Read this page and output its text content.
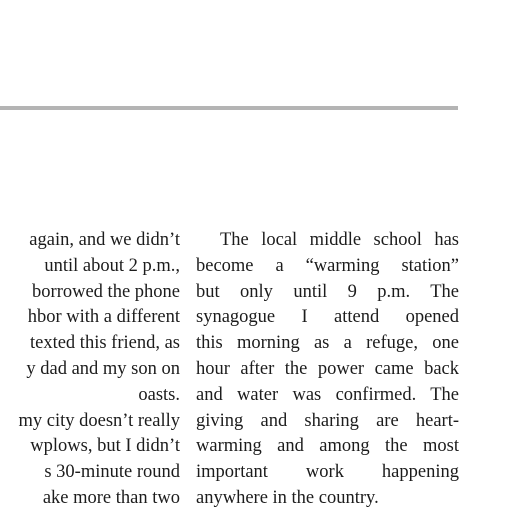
again, and we didn’t
until about 2 p.m.,
borrowed the phone
hbor with a different
texted this friend, as
y dad and my son on
oasts.
my city doesn’t really
wplows, but I didn’t
s 30-minute round
ake more than two
The local middle school has
become a “warming station”
but only until 9 p.m. The
synagogue I attend opened
this morning as a refuge, one
hour after the power came back
and water was confirmed. The
giving and sharing are heart-
warming and among the most
important work happening
anywhere in the country.
